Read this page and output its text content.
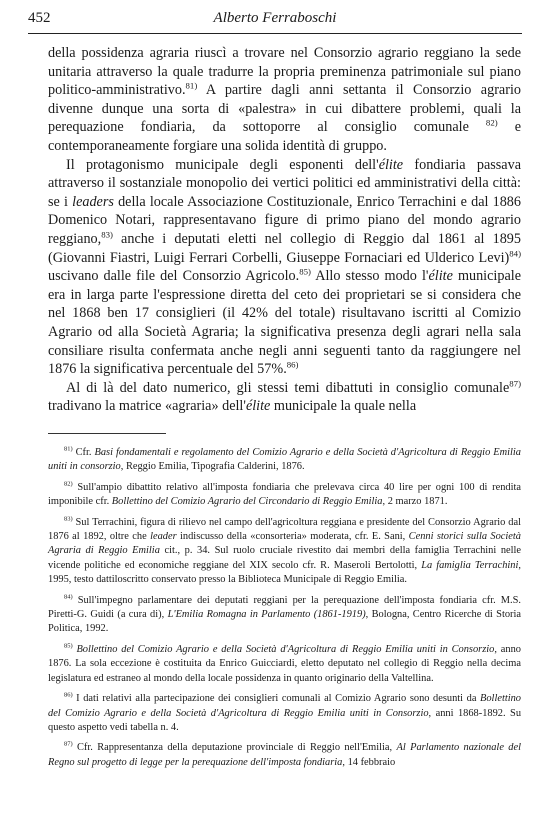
452	Alberto Ferraboschi

della possidenza agraria riuscì a trovare nel Consorzio agrario reggiano la sede unitaria attraverso la quale tradurre la propria preminenza patrimoniale sul piano politico-amministrativo.$^{81)}$ A partire dagli anni settanta il Consorzio agrario divenne dunque una sorta di «palestra» in cui dibattere problemi, quali la perequazione fondiaria, da sottoporre al consiglio comunale $^{82)}$ e contemporaneamente forgiare una solida identità di gruppo.

Il protagonismo municipale degli esponenti dell'élite fondiaria passava attraverso il sostanziale monopolio dei vertici politici ed amministrativi della città: se i leaders della locale Associazione Costituzionale, Enrico Terrachini e dal 1886 Domenico Notari, rappresentavano figure di primo piano del mondo agrario reggiano,$^{83)}$ anche i deputati eletti nel collegio di Reggio dal 1861 al 1895 (Giovanni Fiastri, Luigi Ferrari Corbelli, Giuseppe Fornaciari ed Ulderico Levi)$^{84)}$ uscivano dalle file del Consorzio Agricolo.$^{85)}$ Allo stesso modo l'élite municipale era in larga parte l'espressione diretta del ceto dei proprietari se si considera che nel 1868 ben 17 consiglieri (il 42% del totale) risultavano iscritti al Comizio Agrario od alla Società Agraria; la significativa presenza degli agrari nella sala consiliare risulta confermata anche negli anni seguenti tanto da raggiungere nel 1876 la significativa percentuale del 57%.$^{86)}$

Al di là del dato numerico, gli stessi temi dibattuti in consiglio comunale$^{87)}$ tradivano la matrice «agraria» dell'élite municipale la quale nella

$^{81)}$ Cfr. Basi fondamentali e regolamento del Comizio Agrario e della Società d'Agricoltura di Reggio Emilia uniti in consorzio, Reggio Emilia, Tipografia Calderini, 1876.

$^{82)}$ Sull'ampio dibattito relativo all'imposta fondiaria che prelevava circa 40 lire per ogni 100 di rendita imponibile cfr. Bollettino del Comizio Agrario del Circondario di Reggio Emilia, 2 marzo 1871.

$^{83)}$ Sul Terrachini, figura di rilievo nel campo dell'agricoltura reggiana e presidente del Consorzio Agrario dal 1876 al 1892, oltre che leader indiscusso della «consorteria» moderata, cfr. E. Sani, Cenni storici sulla Società Agraria di Reggio Emilia cit., p. 34. Sul ruolo cruciale rivestito dai membri della famiglia Terrachini nelle vicende politiche ed economiche reggiane del XIX secolo cfr. R. Maseroli Bertolotti, La famiglia Terrachini, 1995, testo dattiloscritto conservato presso la Biblioteca Municipale di Reggio Emilia.

$^{84)}$ Sull'impegno parlamentare dei deputati reggiani per la perequazione dell'imposta fondiaria cfr. M.S. Piretti-G. Guidi (a cura di), L'Emilia Romagna in Parlamento (1861-1919), Bologna, Centro Ricerche di Storia Politica, 1992.

$^{85)}$ Bollettino del Comizio Agrario e della Società d'Agricoltura di Reggio Emilia uniti in Consorzio, anno 1876. La sola eccezione è costituita da Enrico Guicciardi, eletto deputato nel collegio di Reggio nella decima legislatura ed estraneo al mondo della locale possidenza in quanto originario della Valtellina.

$^{86)}$ I dati relativi alla partecipazione dei consiglieri comunali al Comizio Agrario sono desunti da Bollettino del Comizio Agrario e della Società d'Agricoltura di Reggio Emilia uniti in Consorzio, anni 1868-1892. Su questo aspetto vedi tabella n. 4.

$^{87)}$ Cfr. Rappresentanza della deputazione provinciale di Reggio nell'Emilia, Al Parlamento nazionale del Regno sul progetto di legge per la perequazione dell'imposta fondiaria, 14 febbraio
